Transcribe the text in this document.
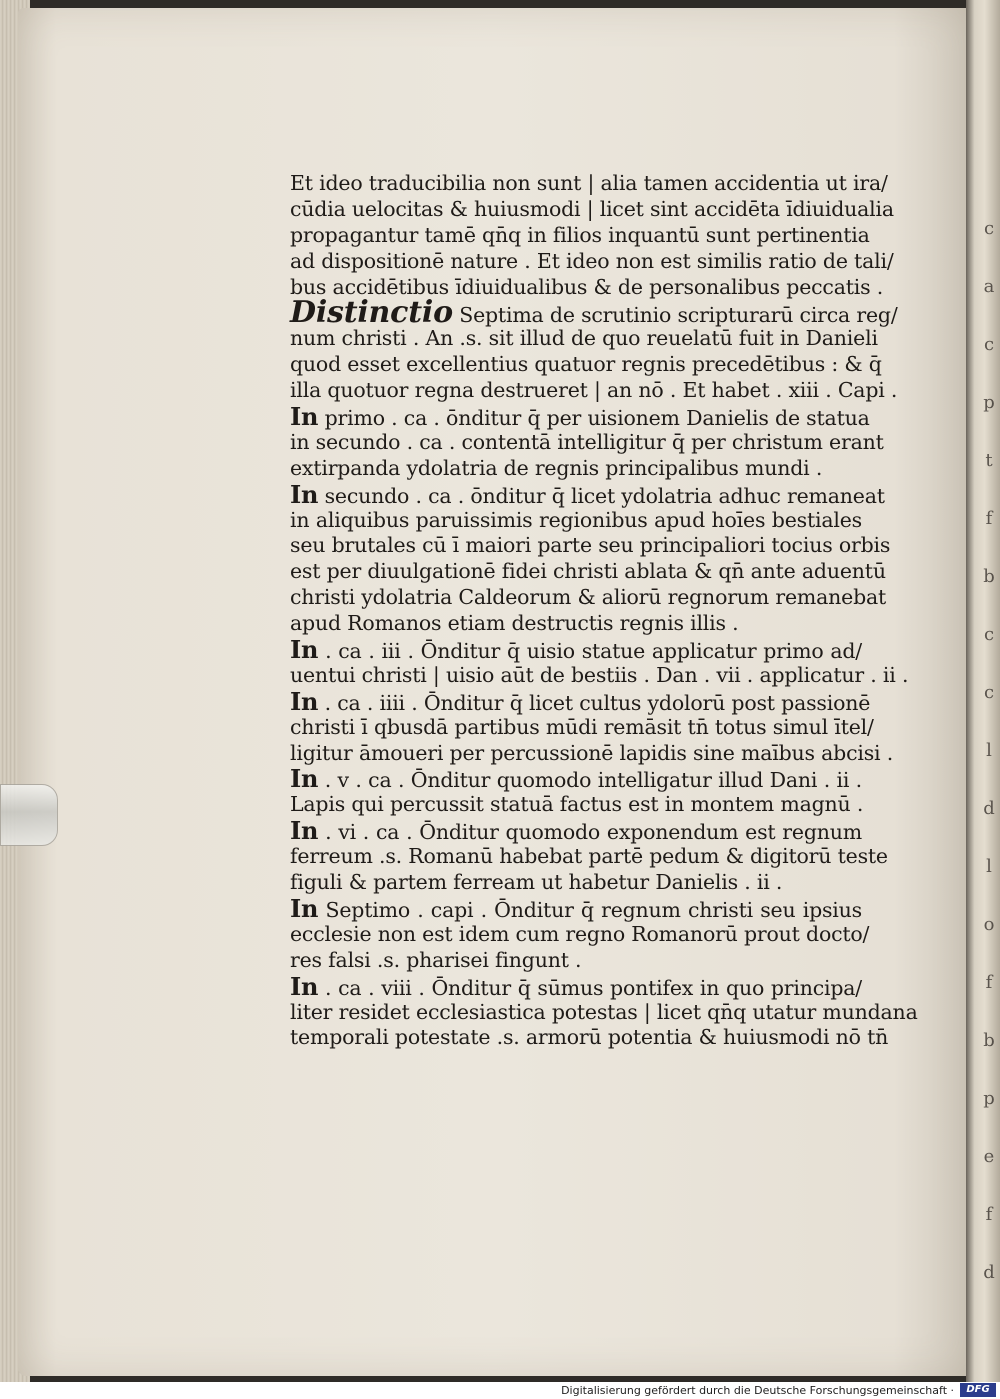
c
a
c
p
t
f
b
c
c
l
d
l
o
f
b
p
e
f
d
Et ideo traducibilia non sunt | alia tamen accidentia ut ira/
cūdia uelocitas & huiusmodi | licet sint accidēta īdiuidualia
propagantur tamē qn̄q in filios inquantū sunt pertinentia
ad dispositionē nature . Et ideo non est similis ratio de tali/
bus accidētibus īdiuidualibus & de personalibus peccatis .
Distinctio Septima de scrutinio scripturarū circa reg/
num christi . An .s. sit illud de quo reuelatū fuit in Danieli
quod esset excellentius quatuor regnis precedētibus : & q̄
illa quotuor regna destrueret | an nō . Et habet . xiii . Capi .
In primo . ca . ōnditur q̄ per uisionem Danielis de statua
in secundo . ca . contentā intelligitur q̄ per christum erant
extirpanda ydolatria de regnis principalibus mundi .
In secundo . ca . ōnditur q̄ licet ydolatria adhuc remaneat
in aliquibus paruissimis regionibus apud hoīes bestiales
seu brutales cū ī maiori parte seu principaliori tocius orbis
est per diuulgationē fidei christi ablata & qn̄ ante aduentū
christi ydolatria Caldeorum & aliorū regnorum remanebat
apud Romanos etiam destructis regnis illis .
In . ca . iii . Ōnditur q̄ uisio statue applicatur primo ad/
uentui christi | uisio aūt de bestiis . Dan . vii . applicatur . ii .
In . ca . iiii . Ōnditur q̄ licet cultus ydolorū post passionē
christi ī qbusdā partibus mūdi remāsit tn̄ totus simul ītel/
ligitur āmoueri per percussionē lapidis sine maībus abcisi .
In . v . ca . Ōnditur quomodo intelligatur illud Dani . ii .
Lapis qui percussit statuā factus est in montem magnū .
In . vi . ca . Ōnditur quomodo exponendum est regnum
ferreum .s. Romanū habebat partē pedum & digitorū teste
figuli & partem ferream ut habetur Danielis . ii .
In Septimo . capi . Ōnditur q̄ regnum christi seu ipsius
ecclesie non est idem cum regno Romanorū prout docto/
res falsi .s. pharisei fingunt .
In . ca . viii . Ōnditur q̄ sūmus pontifex in quo principa/
liter residet ecclesiastica potestas | licet qn̄q utatur mundana
temporali potestate .s. armorū potentia & huiusmodi nō tn̄
Digitalisierung gefördert durch die Deutsche Forschungsgemeinschaft ·	DFG
